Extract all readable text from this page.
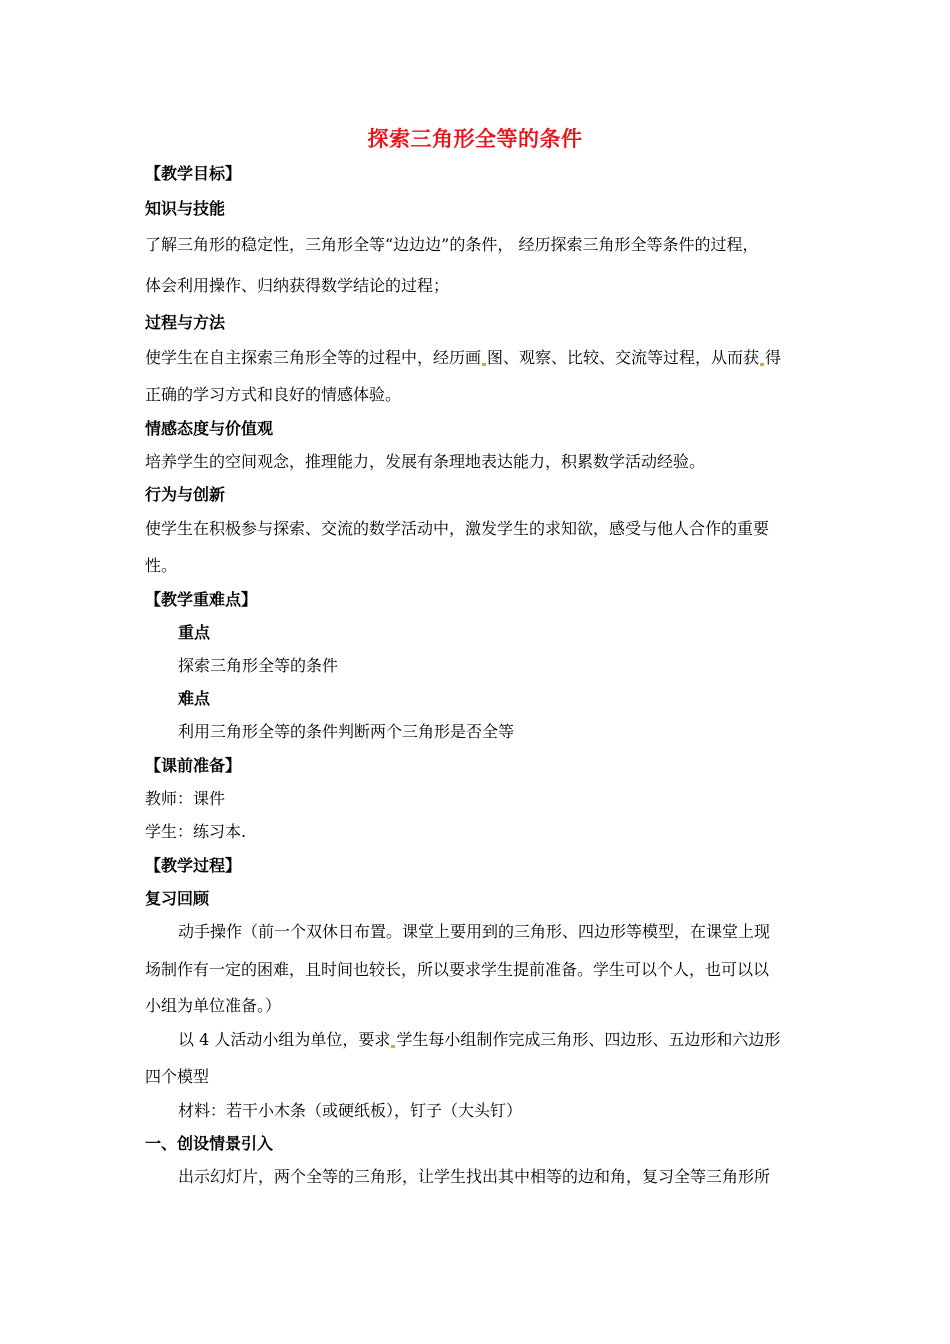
探索三角形全等的条件
【教学目标】
知识与技能
了解三角形的稳定性，三角形全等“边边边”的条件， 经历探索三角形全等条件的过程，
体会利用操作、归纳获得数学结论的过程；
过程与方法
使学生在自主探索三角形全等的过程中，经历画 图、观察、比较、交流等过程，从而获 得
正确的学习方式和良好的情感体验。
情感态度与价值观
培养学生的空间观念，推理能力，发展有条理地表达能力，积累数学活动经验。
行为与创新
使学生在积极参与探索、交流的数学活动中，激发学生的求知欲，感受与他人合作的重要
性。
【教学重难点】
重点
探索三角形全等的条件
难点
利用三角形全等的条件判断两个三角形是否全等
【课前准备】
教师：课件
学生：练习本.
【教学过程】
复习回顾
动手操作（前一个双休日布置。课堂上要用到的三角形、四边形等模型，在课堂上现
场制作有一定的困难，且时间也较长，所以要求学生提前准备。学生可以个人，也可以以
小组为单位准备。）
以 4 人活动小组为单位，要求 学生每小组制作完成三角形、四边形、五边形和六边形
四个模型
材料：若干小木条（或硬纸板），钉子（大头钉）
一、创设情景引入
出示幻灯片，两个全等的三角形，让学生找出其中相等的边和角，复习全等三角形所
